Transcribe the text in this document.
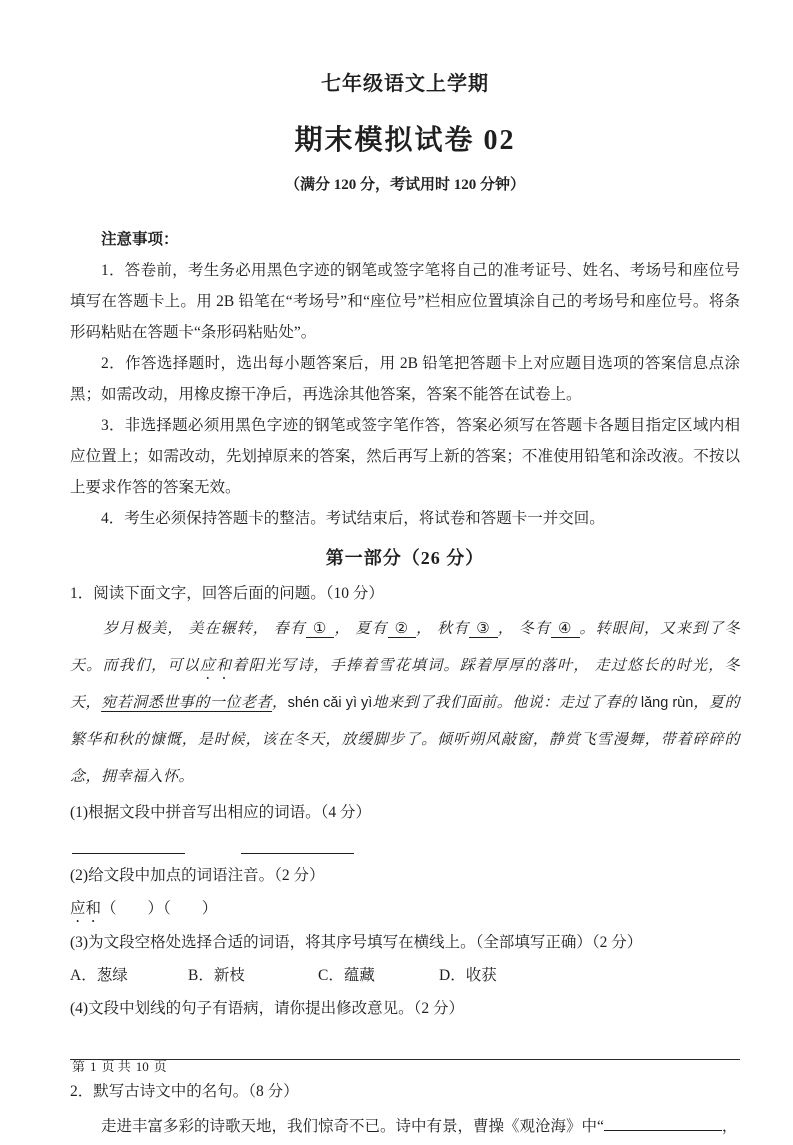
七年级语文上学期
期末模拟试卷 02
（满分 120 分，考试用时 120 分钟）

注意事项：

1．答卷前，考生务必用黑色字迹的钢笔或签字笔将自己的准考证号、姓名、考场号和座位号填写在答题卡上。用 2B 铅笔在“考场号”和“座位号”栏相应位置填涂自己的考场号和座位号。将条形码粘贴在答题卡“条形码粘贴处”。

2．作答选择题时，选出每小题答案后，用 2B 铅笔把答题卡上对应题目选项的答案信息点涂黑；如需改动，用橡皮擦干净后，再选涂其他答案，答案不能答在试卷上。

3．非选择题必须用黑色字迹的钢笔或签字笔作答，答案必须写在答题卡各题目指定区域内相应位置上；如需改动，先划掉原来的答案，然后再写上新的答案；不准使用铅笔和涂改液。不按以上要求作答的答案无效。

4．考生必须保持答题卡的整洁。考试结束后，将试卷和答题卡一并交回。

第一部分（26 分）

1．阅读下面文字，回答后面的问题。（10 分）

岁月极美， 美在辗转， 春有 ① ， 夏有 ② ， 秋有 ③ ， 冬有 ④ 。转眼间，又来到了冬天。而我们，可以应和着阳光写诗，手捧着雪花填词。踩着厚厚的落叶， 走过悠长的时光，冬天，宛若洞悉世事的一位老者，shén cǎi yì yì地来到了我们面前。他说：走过了春的 lǎng rùn，夏的繁华和秋的慷慨，是时候，该在冬天，放缓脚步了。倾听朔风敲窗，静赏飞雪漫舞，带着碎碎的念，拥幸福入怀。

(1)根据文段中拼音写出相应的词语。（4 分）

(2)给文段中加点的词语注音。（2 分）

应和（　　）（　　）

(3)为文段空格处选择合适的词语，将其序号填写在横线上。（全部填写正确）（2 分）

A．葱绿	B．新枝	C．蕴藏	D．收获

(4)文段中划线的句子有语病，请你提出修改意见。（2 分）

2．默写古诗文中的名句。（8 分）

走进丰富多彩的诗歌天地，我们惊奇不已。诗中有景，曹操《观沧海》中“	，

第 1 页 共 10 页
